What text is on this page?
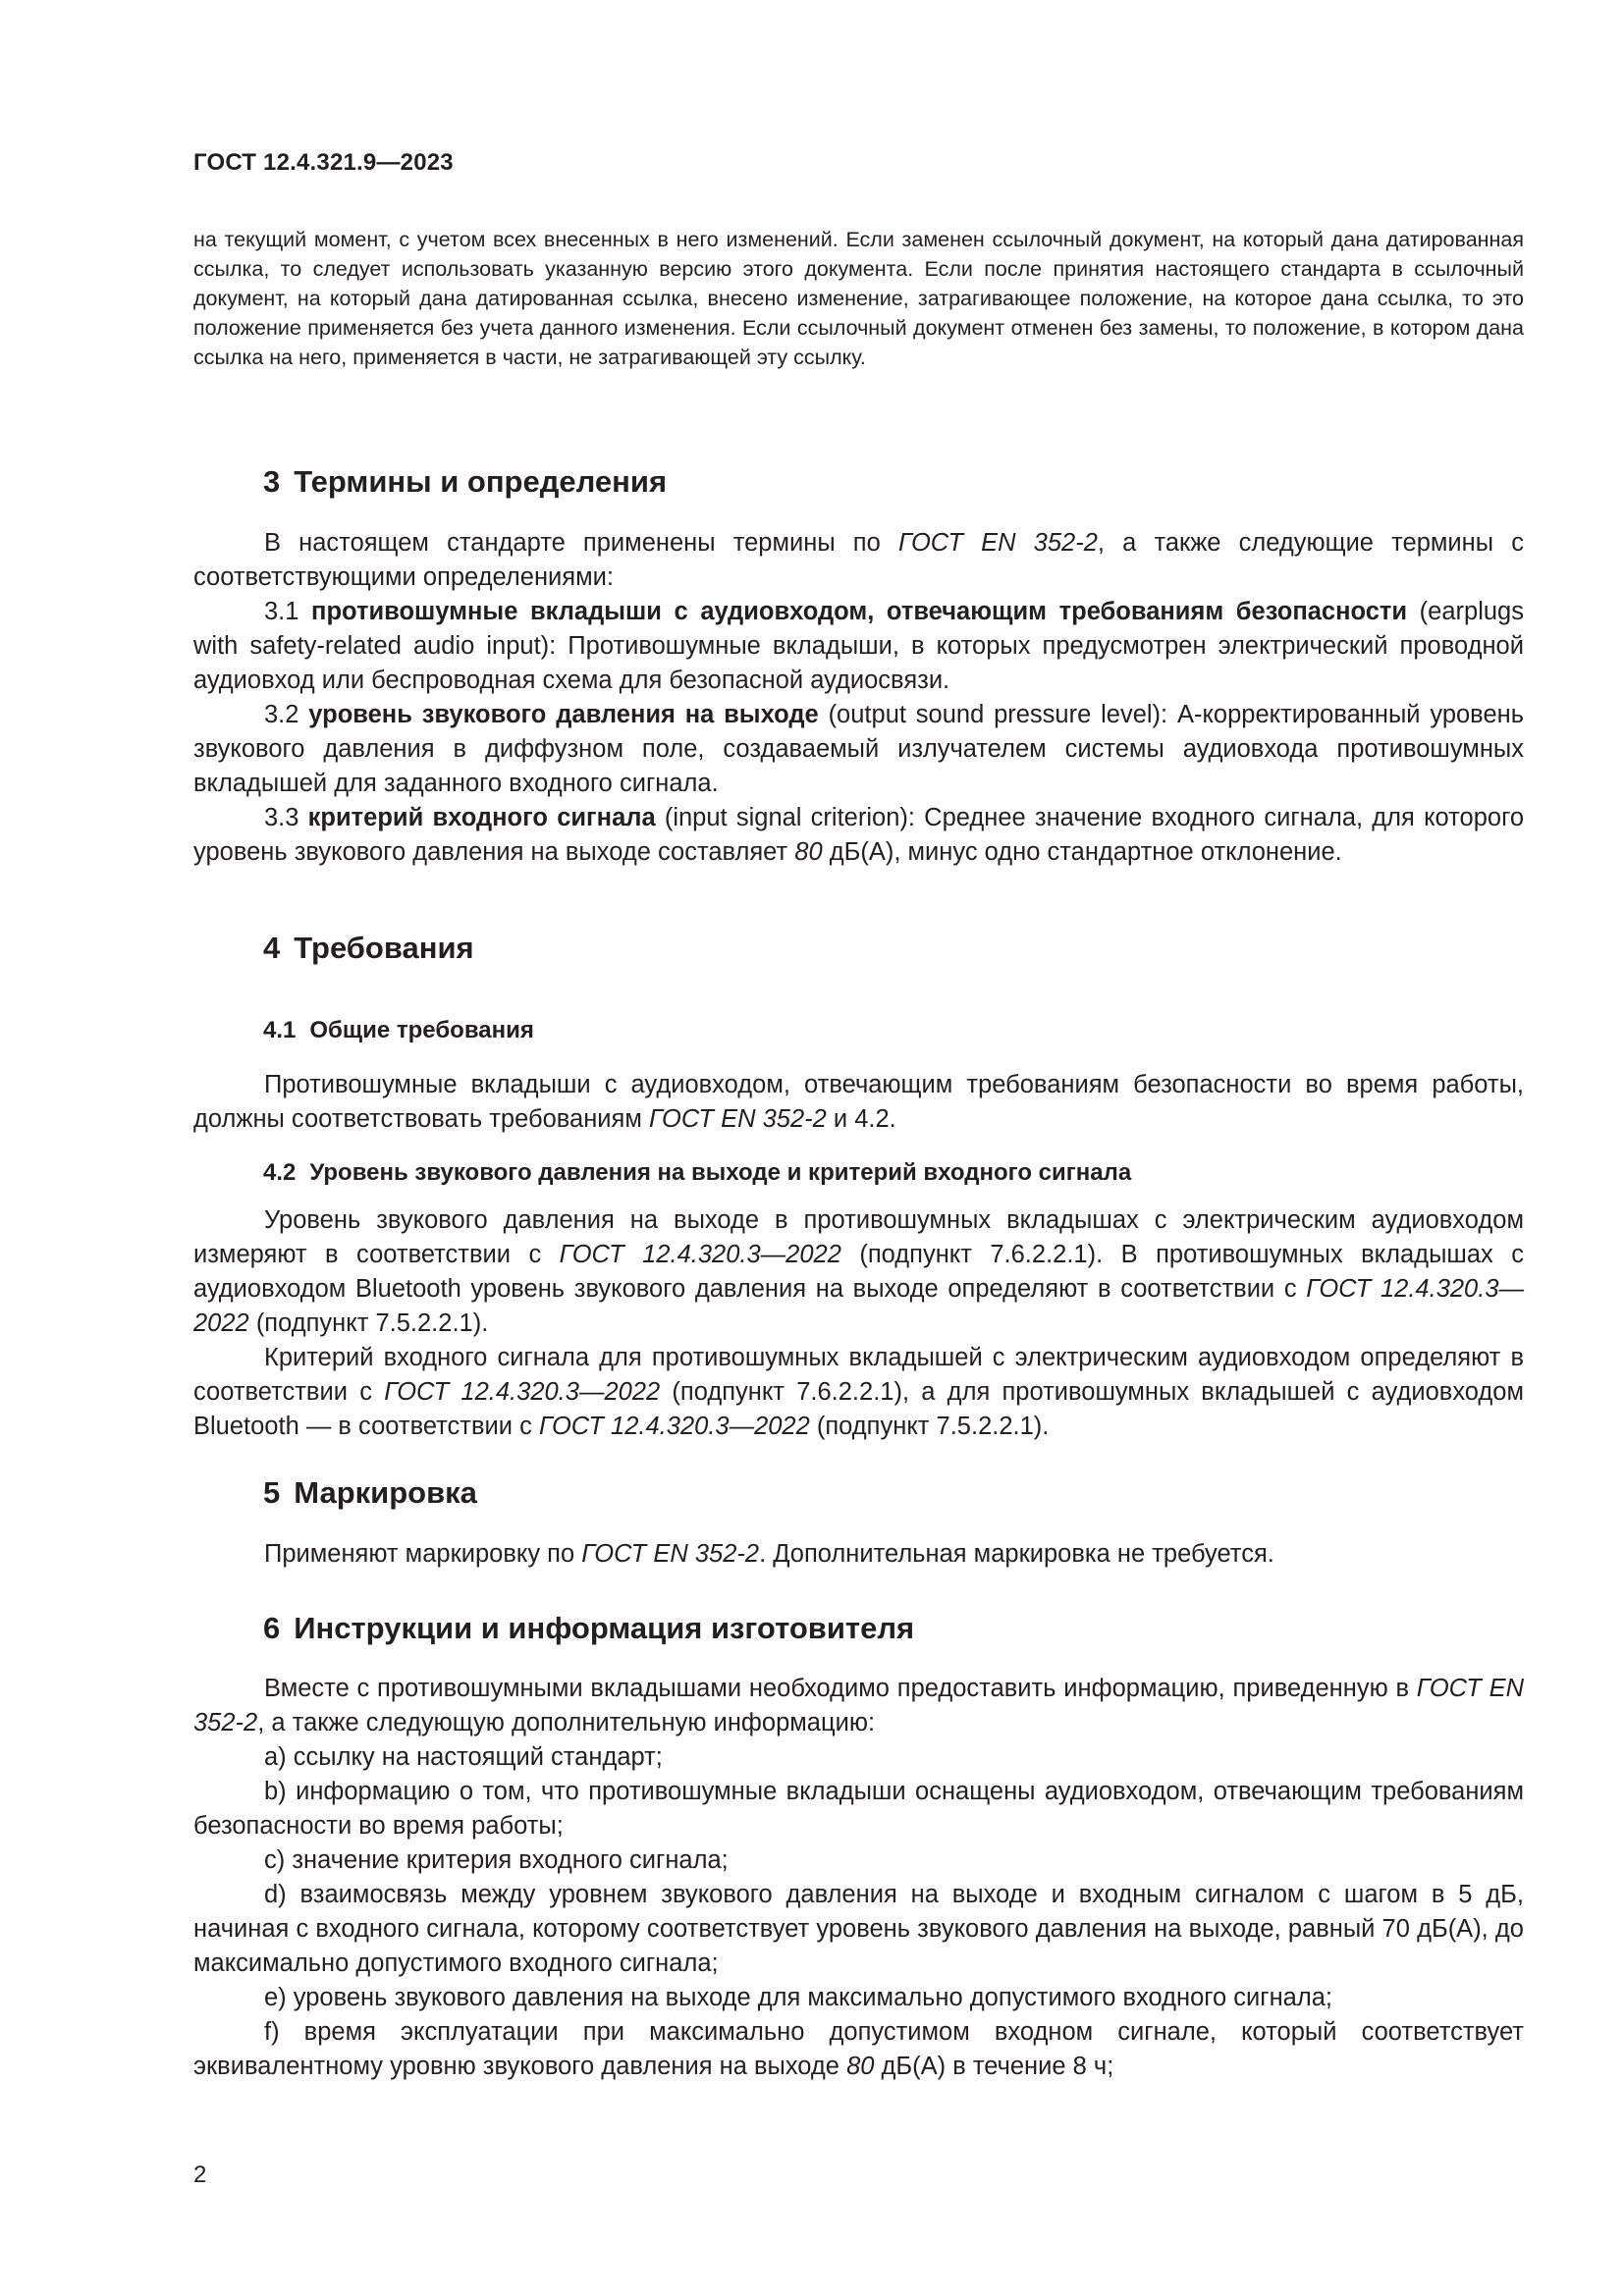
ГОСТ 12.4.321.9—2023
на текущий момент, с учетом всех внесенных в него изменений. Если заменен ссылочный документ, на который дана датированная ссылка, то следует использовать указанную версию этого документа. Если после принятия настоящего стандарта в ссылочный документ, на который дана датированная ссылка, внесено изменение, затрагивающее положение, на которое дана ссылка, то это положение применяется без учета данного изменения. Если ссылочный документ отменен без замены, то положение, в котором дана ссылка на него, применяется в части, не затрагивающей эту ссылку.
3 Термины и определения

В настоящем стандарте применены термины по ГОСТ EN 352-2, а также следующие термины с соответствующими определениями:

3.1 противошумные вкладыши с аудиовходом, отвечающим требованиям безопасности (earplugs with safety-related audio input): Противошумные вкладыши, в которых предусмотрен электрический проводной аудиовход или беспроводная схема для безопасной аудиосвязи.

3.2 уровень звукового давления на выходе (output sound pressure level): А-корректированный уровень звукового давления в диффузном поле, создаваемый излучателем системы аудиовхода противошумных вкладышей для заданного входного сигнала.

3.3 критерий входного сигнала (input signal criterion): Среднее значение входного сигнала, для которого уровень звукового давления на выходе составляет 80 дБ(А), минус одно стандартное отклонение.

4 Требования
4.1 Общие требования

Противошумные вкладыши с аудиовходом, отвечающим требованиям безопасности во время работы, должны соответствовать требованиям ГОСТ EN 352-2 и 4.2.

4.2 Уровень звукового давления на выходе и критерий входного сигнала

Уровень звукового давления на выходе в противошумных вкладышах с электрическим аудиовходом измеряют в соответствии с ГОСТ 12.4.320.3—2022 (подпункт 7.6.2.2.1). В противошумных вкладышах с аудиовходом Bluetooth уровень звукового давления на выходе определяют в соответствии с ГОСТ 12.4.320.3—2022 (подпункт 7.5.2.2.1).

Критерий входного сигнала для противошумных вкладышей с электрическим аудиовходом определяют в соответствии с ГОСТ 12.4.320.3—2022 (подпункт 7.6.2.2.1), а для противошумных вкладышей с аудиовходом Bluetooth — в соответствии с ГОСТ 12.4.320.3—2022 (подпункт 7.5.2.2.1).

5 Маркировка

Применяют маркировку по ГОСТ EN 352-2. Дополнительная маркировка не требуется.

6 Инструкции и информация изготовителя

Вместе с противошумными вкладышами необходимо предоставить информацию, приведенную в ГОСТ EN 352-2, а также следующую дополнительную информацию:

a) ссылку на настоящий стандарт;

b) информацию о том, что противошумные вкладыши оснащены аудиовходом, отвечающим требованиям безопасности во время работы;

c) значение критерия входного сигнала;

d) взаимосвязь между уровнем звукового давления на выходе и входным сигналом с шагом в 5 дБ, начиная с входного сигнала, которому соответствует уровень звукового давления на выходе, равный 70 дБ(А), до максимально допустимого входного сигнала;

e) уровень звукового давления на выходе для максимально допустимого входного сигнала;

f) время эксплуатации при максимально допустимом входном сигнале, который соответствует эквивалентному уровню звукового давления на выходе 80 дБ(А) в течение 8 ч;

2
